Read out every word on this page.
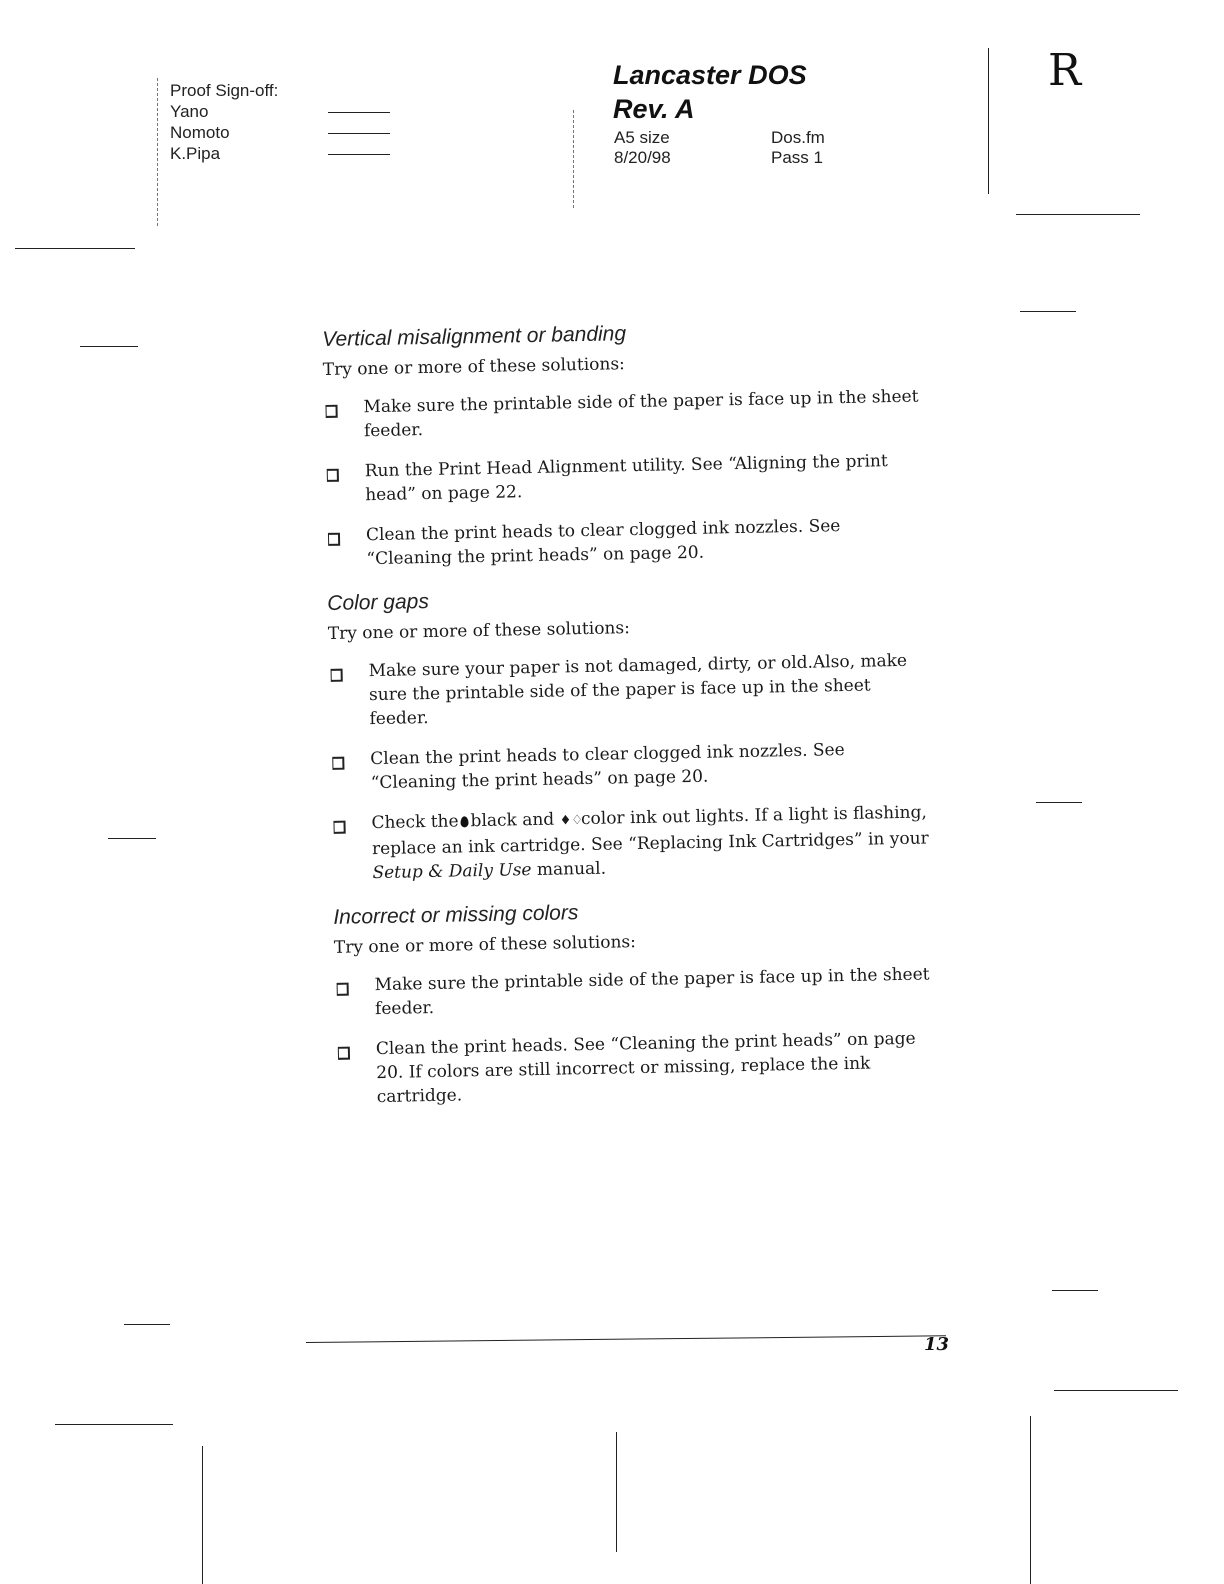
Proof Sign-off:
Yano
Nomoto
K.Pipa
Lancaster DOS
Rev. A
A5 size
8/20/98
Dos.fm
Pass 1
R
Vertical misalignment or banding
Try one or more of these solutions:
Make sure the printable side of the paper is face up in the sheet feeder.
Run the Print Head Alignment utility. See “Aligning the print head” on page 22.
Clean the print heads to clear clogged ink nozzles. See “Cleaning the print heads” on page 20.
Color gaps
Try one or more of these solutions:
Make sure your paper is not damaged, dirty, or old.Also, make sure the printable side of the paper is face up in the sheet feeder.
Clean the print heads to clear clogged ink nozzles. See “Cleaning the print heads” on page 20.
Check the black and ♦♢ color ink out lights. If a light is flashing, replace an ink cartridge. See “Replacing Ink Cartridges” in your Setup & Daily Use manual.
Incorrect or missing colors
Try one or more of these solutions:
Make sure the printable side of the paper is face up in the sheet feeder.
Clean the print heads. See “Cleaning the print heads” on page 20. If colors are still incorrect or missing, replace the ink cartridge.
13
